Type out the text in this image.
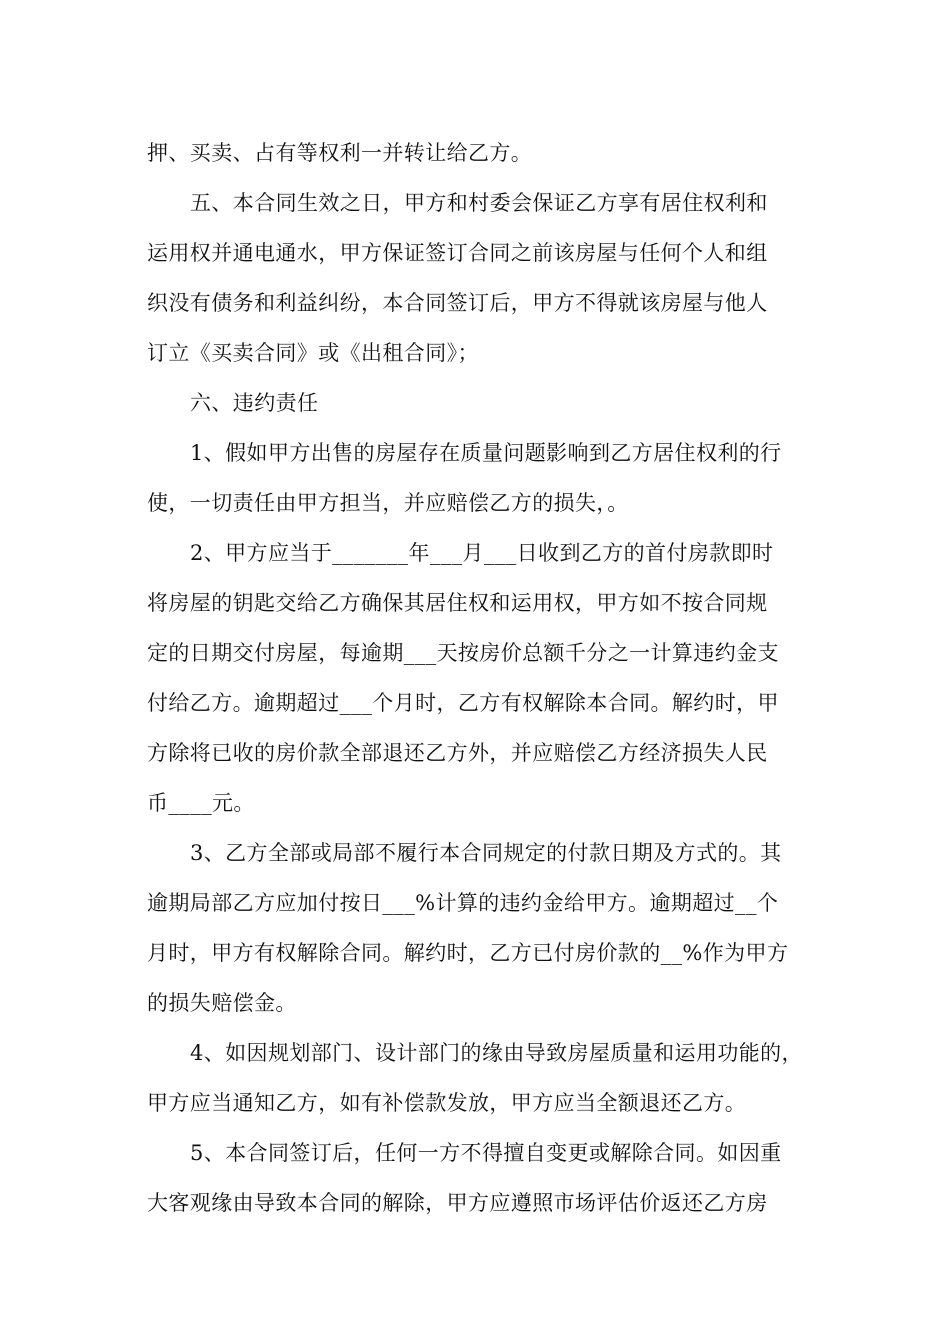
押、买卖、占有等权利一并转让给乙方。
五、本合同生效之日，甲方和村委会保证乙方享有居住权利和
运用权并通电通水，甲方保证签订合同之前该房屋与任何个人和组
织没有债务和利益纠纷，本合同签订后，甲方不得就该房屋与他人
订立《买卖合同》或《出租合同》；
六、违约责任
1、假如甲方出售的房屋存在质量问题影响到乙方居住权利的行
使，一切责任由甲方担当，并应赔偿乙方的损失，。
2、甲方应当于_______年___月___日收到乙方的首付房款即时
将房屋的钥匙交给乙方确保其居住权和运用权，甲方如不按合同规
定的日期交付房屋，每逾期___天按房价总额千分之一计算违约金支
付给乙方。逾期超过___个月时，乙方有权解除本合同。解约时，甲
方除将已收的房价款全部退还乙方外，并应赔偿乙方经济损失人民
币____元。
3、乙方全部或局部不履行本合同规定的付款日期及方式的。其
逾期局部乙方应加付按日___%计算的违约金给甲方。逾期超过__个
月时，甲方有权解除合同。解约时，乙方已付房价款的__%作为甲方
的损失赔偿金。
4、如因规划部门、设计部门的缘由导致房屋质量和运用功能的，
甲方应当通知乙方，如有补偿款发放，甲方应当全额退还乙方。
5、本合同签订后，任何一方不得擅自变更或解除合同。如因重
大客观缘由导致本合同的解除，甲方应遵照市场评估价返还乙方房
